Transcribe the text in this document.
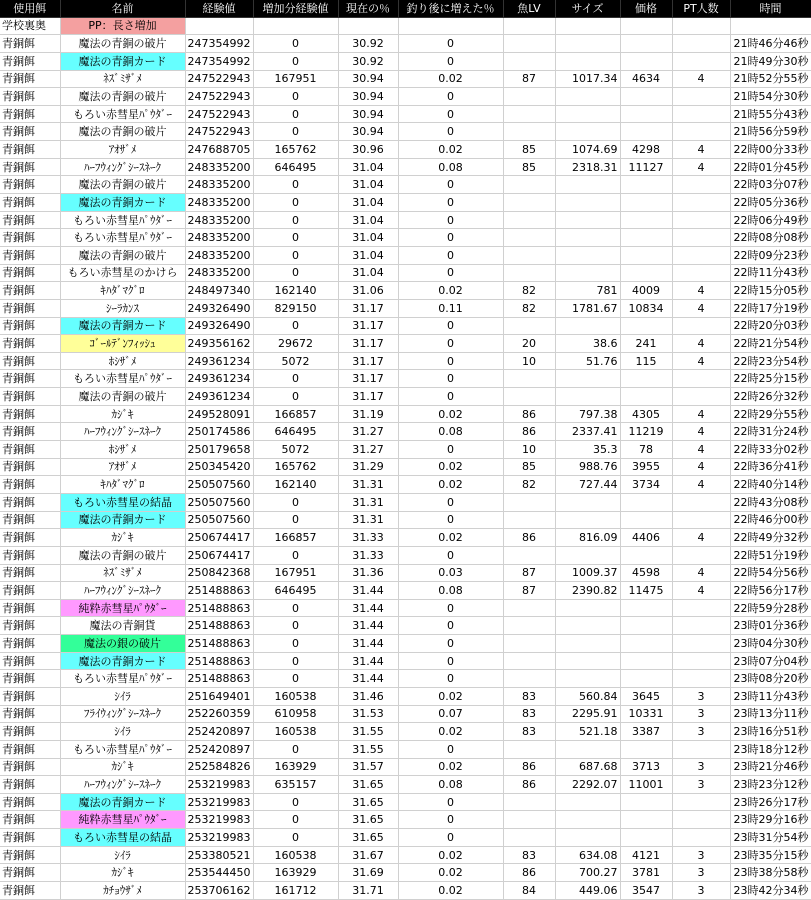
使用餌	名前	経験値	増加分経験値	現在の％	釣り後に増えた％	魚LV	サイズ	価格	PT人数	時間
学校裏奥	PP：長さ増加									
青銅餌	魔法の青銅の破片	247354992	0	30.92	0					21時46分46秒
青銅餌	魔法の青銅カード	247354992	0	30.92	0					21時49分30秒
青銅餌	ﾈｽﾞﾐｻﾞﾒ	247522943	167951	30.94	0.02	87	1017.34	4634	4	21時52分55秒
青銅餌	魔法の青銅の破片	247522943	0	30.94	0					21時54分30秒
青銅餌	もろい赤彗星ﾊﾟｳﾀﾞｰ	247522943	0	30.94	0					21時55分43秒
青銅餌	魔法の青銅の破片	247522943	0	30.94	0					21時56分59秒
青銅餌	ｱｵｻﾞﾒ	247688705	165762	30.96	0.02	85	1074.69	4298	4	22時00分33秒
青銅餌	ﾊｰﾌｳｨﾝｸﾞｼｰｽﾈｰｸ	248335200	646495	31.04	0.08	85	2318.31	11127	4	22時01分45秒
青銅餌	魔法の青銅の破片	248335200	0	31.04	0					22時03分07秒
青銅餌	魔法の青銅カード	248335200	0	31.04	0					22時05分36秒
青銅餌	もろい赤彗星ﾊﾟｳﾀﾞｰ	248335200	0	31.04	0					22時06分49秒
青銅餌	もろい赤彗星ﾊﾟｳﾀﾞｰ	248335200	0	31.04	0					22時08分08秒
青銅餌	魔法の青銅の破片	248335200	0	31.04	0					22時09分23秒
青銅餌	もろい赤彗星のかけら	248335200	0	31.04	0					22時11分43秒
青銅餌	ｷﾊﾀﾞﾏｸﾞﾛ	248497340	162140	31.06	0.02	82	781	4009	4	22時15分05秒
青銅餌	ｼｰﾗｶﾝｽ	249326490	829150	31.17	0.11	82	1781.67	10834	4	22時17分19秒
青銅餌	魔法の青銅カード	249326490	0	31.17	0					22時20分03秒
青銅餌	ｺﾞｰﾙﾃﾞﾝﾌｨｯｼｭ	249356162	29672	31.17	0	20	38.6	241	4	22時21分54秒
青銅餌	ﾎｼｻﾞﾒ	249361234	5072	31.17	0	10	51.76	115	4	22時23分54秒
青銅餌	もろい赤彗星ﾊﾟｳﾀﾞｰ	249361234	0	31.17	0					22時25分15秒
青銅餌	魔法の青銅の破片	249361234	0	31.17	0					22時26分32秒
青銅餌	ｶｼﾞｷ	249528091	166857	31.19	0.02	86	797.38	4305	4	22時29分55秒
青銅餌	ﾊｰﾌｳｨﾝｸﾞｼｰｽﾈｰｸ	250174586	646495	31.27	0.08	86	2337.41	11219	4	22時31分24秒
青銅餌	ﾎｼｻﾞﾒ	250179658	5072	31.27	0	10	35.3	78	4	22時33分02秒
青銅餌	ｱｵｻﾞﾒ	250345420	165762	31.29	0.02	85	988.76	3955	4	22時36分41秒
青銅餌	ｷﾊﾀﾞﾏｸﾞﾛ	250507560	162140	31.31	0.02	82	727.44	3734	4	22時40分14秒
青銅餌	もろい赤彗星の結晶	250507560	0	31.31	0					22時43分08秒
青銅餌	魔法の青銅カード	250507560	0	31.31	0					22時46分00秒
青銅餌	ｶｼﾞｷ	250674417	166857	31.33	0.02	86	816.09	4406	4	22時49分32秒
青銅餌	魔法の青銅の破片	250674417	0	31.33	0					22時51分19秒
青銅餌	ﾈｽﾞﾐｻﾞﾒ	250842368	167951	31.36	0.03	87	1009.37	4598	4	22時54分56秒
青銅餌	ﾊｰﾌｳｨﾝｸﾞｼｰｽﾈｰｸ	251488863	646495	31.44	0.08	87	2390.82	11475	4	22時56分17秒
青銅餌	純粋赤彗星ﾊﾟｳﾀﾞｰ	251488863	0	31.44	0					22時59分28秒
青銅餌	魔法の青銅貨	251488863	0	31.44	0					23時01分36秒
青銅餌	魔法の銀の破片	251488863	0	31.44	0					23時04分30秒
青銅餌	魔法の青銅カード	251488863	0	31.44	0					23時07分04秒
青銅餌	もろい赤彗星ﾊﾟｳﾀﾞｰ	251488863	0	31.44	0					23時08分20秒
青銅餌	ｼｲﾗ	251649401	160538	31.46	0.02	83	560.84	3645	3	23時11分43秒
青銅餌	ﾌﾗｲｳｨﾝｸﾞｼｰｽﾈｰｸ	252260359	610958	31.53	0.07	83	2295.91	10331	3	23時13分11秒
青銅餌	ｼｲﾗ	252420897	160538	31.55	0.02	83	521.18	3387	3	23時16分51秒
青銅餌	もろい赤彗星ﾊﾟｳﾀﾞｰ	252420897	0	31.55	0					23時18分12秒
青銅餌	ｶｼﾞｷ	252584826	163929	31.57	0.02	86	687.68	3713	3	23時21分46秒
青銅餌	ﾊｰﾌｳｨﾝｸﾞｼｰｽﾈｰｸ	253219983	635157	31.65	0.08	86	2292.07	11001	3	23時23分12秒
青銅餌	魔法の青銅カード	253219983	0	31.65	0					23時26分17秒
青銅餌	純粋赤彗星ﾊﾟｳﾀﾞｰ	253219983	0	31.65	0					23時29分16秒
青銅餌	もろい赤彗星の結晶	253219983	0	31.65	0					23時31分54秒
青銅餌	ｼｲﾗ	253380521	160538	31.67	0.02	83	634.08	4121	3	23時35分15秒
青銅餌	ｶｼﾞｷ	253544450	163929	31.69	0.02	86	700.27	3781	3	23時38分58秒
青銅餌	ｶﾁｮｳｻﾞﾒ	253706162	161712	31.71	0.02	84	449.06	3547	3	23時42分34秒
